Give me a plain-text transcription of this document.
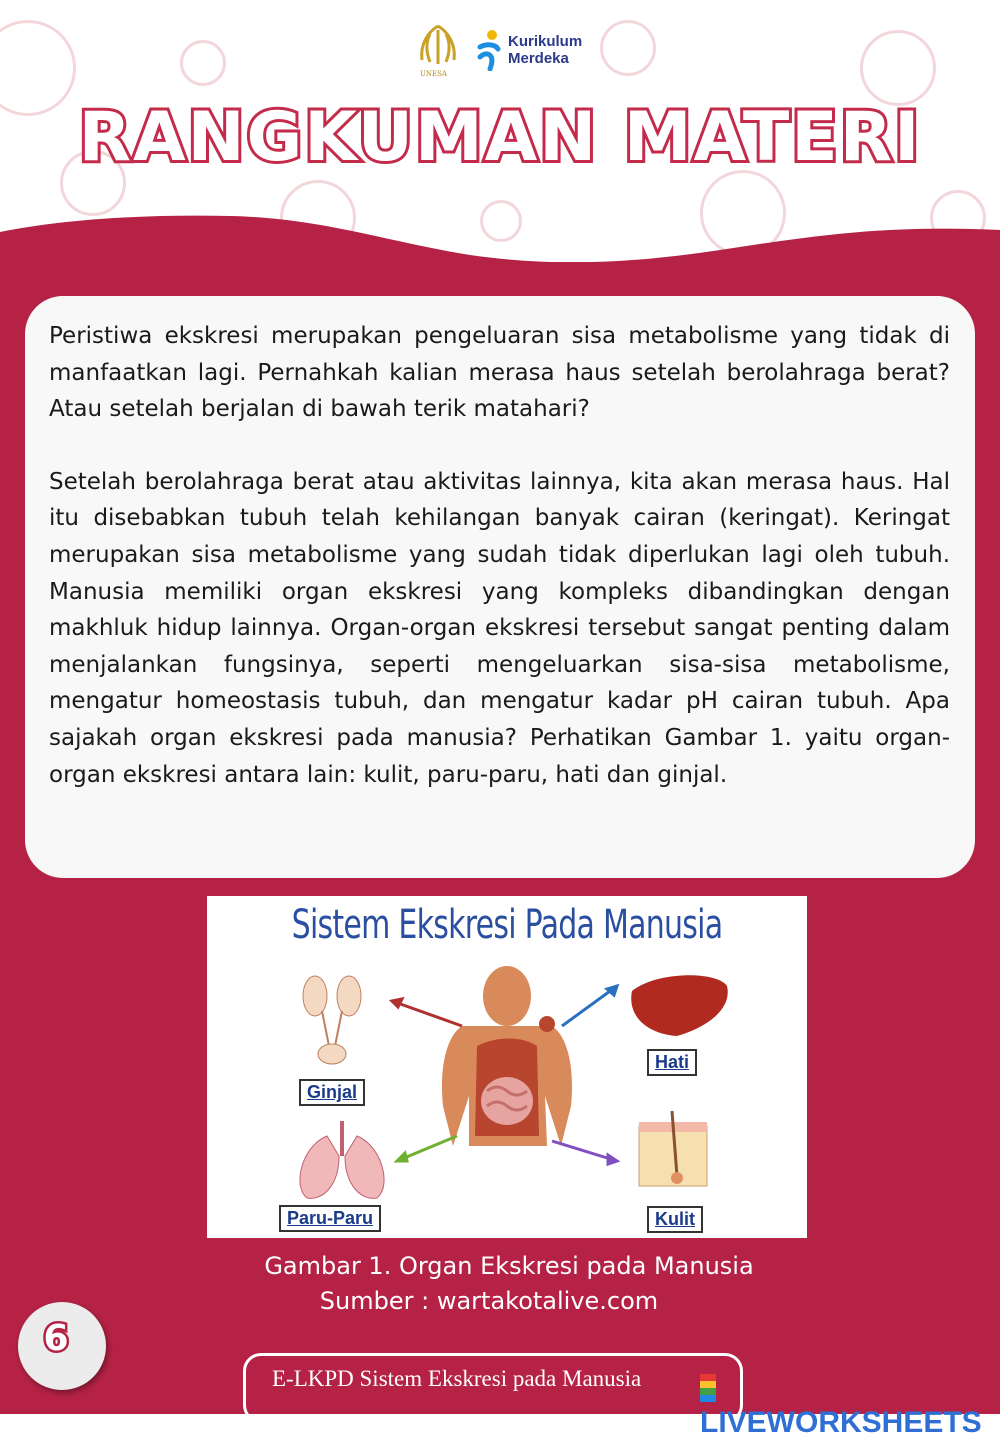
UNESA
Kurikulum
Merdeka
RANGKUMAN MATERI

Peristiwa ekskresi merupakan pengeluaran sisa metabolisme yang tidak di manfaatkan lagi. Pernahkah kalian merasa haus setelah berolahraga berat? Atau setelah berjalan di bawah terik matahari?

Setelah berolahraga berat atau aktivitas lainnya, kita akan merasa haus. Hal itu disebabkan tubuh telah kehilangan banyak cairan (keringat). Keringat merupakan sisa metabolisme yang sudah tidak diperlukan lagi oleh tubuh. Manusia memiliki organ ekskresi yang kompleks dibandingkan dengan makhluk hidup lainnya. Organ-organ ekskresi tersebut sangat penting dalam menjalankan fungsinya, seperti mengeluarkan sisa-sisa metabolisme, mengatur homeostasis tubuh, dan mengatur kadar pH cairan tubuh. Apa sajakah organ ekskresi pada manusia? Perhatikan Gambar 1. yaitu organ-organ ekskresi antara lain: kulit, paru-paru, hati dan ginjal.

Sistem Ekskresi Pada Manusia
Ginjal
Hati
Paru-Paru	Kulit
Gambar 1. Organ Ekskresi pada Manusia
Sumber : wartakotalive.com
6
E-LKPD Sistem Ekskresi pada Manusia
LIVEWORKSHEETS
